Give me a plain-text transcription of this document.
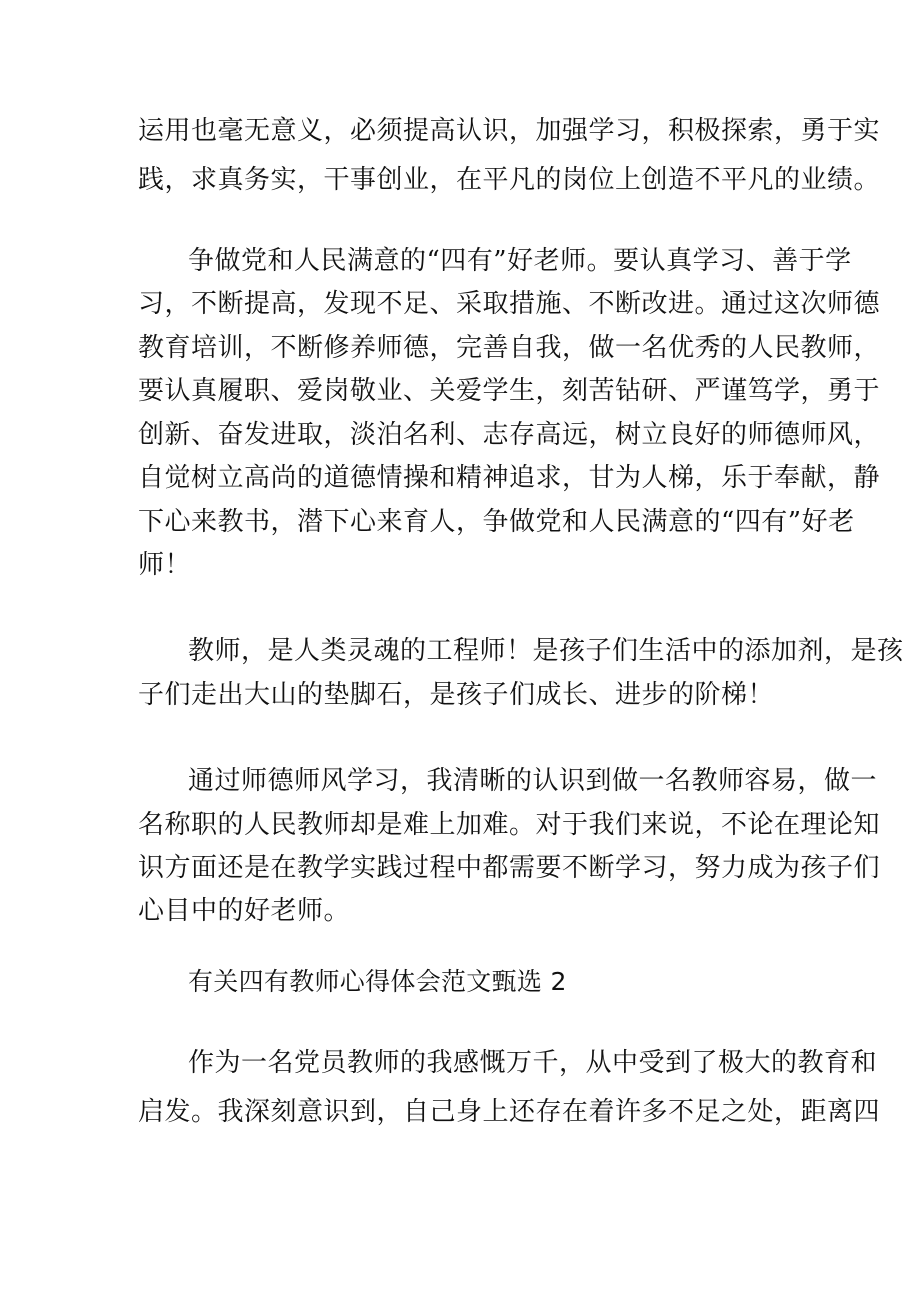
运用也毫无意义，必须提高认识，加强学习，积极探索，勇于实
践，求真务实，干事创业，在平凡的岗位上创造不平凡的业绩。
争做党和人民满意的“四有”好老师。要认真学习、善于学
习，不断提高，发现不足、采取措施、不断改进。通过这次师德
教育培训，不断修养师德，完善自我，做一名优秀的人民教师，
要认真履职、爱岗敬业、关爱学生，刻苦钻研、严谨笃学，勇于
创新、奋发进取，淡泊名利、志存高远，树立良好的师德师风，
自觉树立高尚的道德情操和精神追求，甘为人梯，乐于奉献，静
下心来教书，潜下心来育人，争做党和人民满意的“四有”好老
师！
教师，是人类灵魂的工程师！是孩子们生活中的添加剂，是孩
子们走出大山的垫脚石，是孩子们成长、进步的阶梯！
通过师德师风学习，我清晰的认识到做一名教师容易，做一
名称职的人民教师却是难上加难。对于我们来说，不论在理论知
识方面还是在教学实践过程中都需要不断学习，努力成为孩子们
心目中的好老师。
有关四有教师心得体会范文甄选 2
作为一名党员教师的我感慨万千，从中受到了极大的教育和
启发。我深刻意识到，自己身上还存在着许多不足之处，距离四
